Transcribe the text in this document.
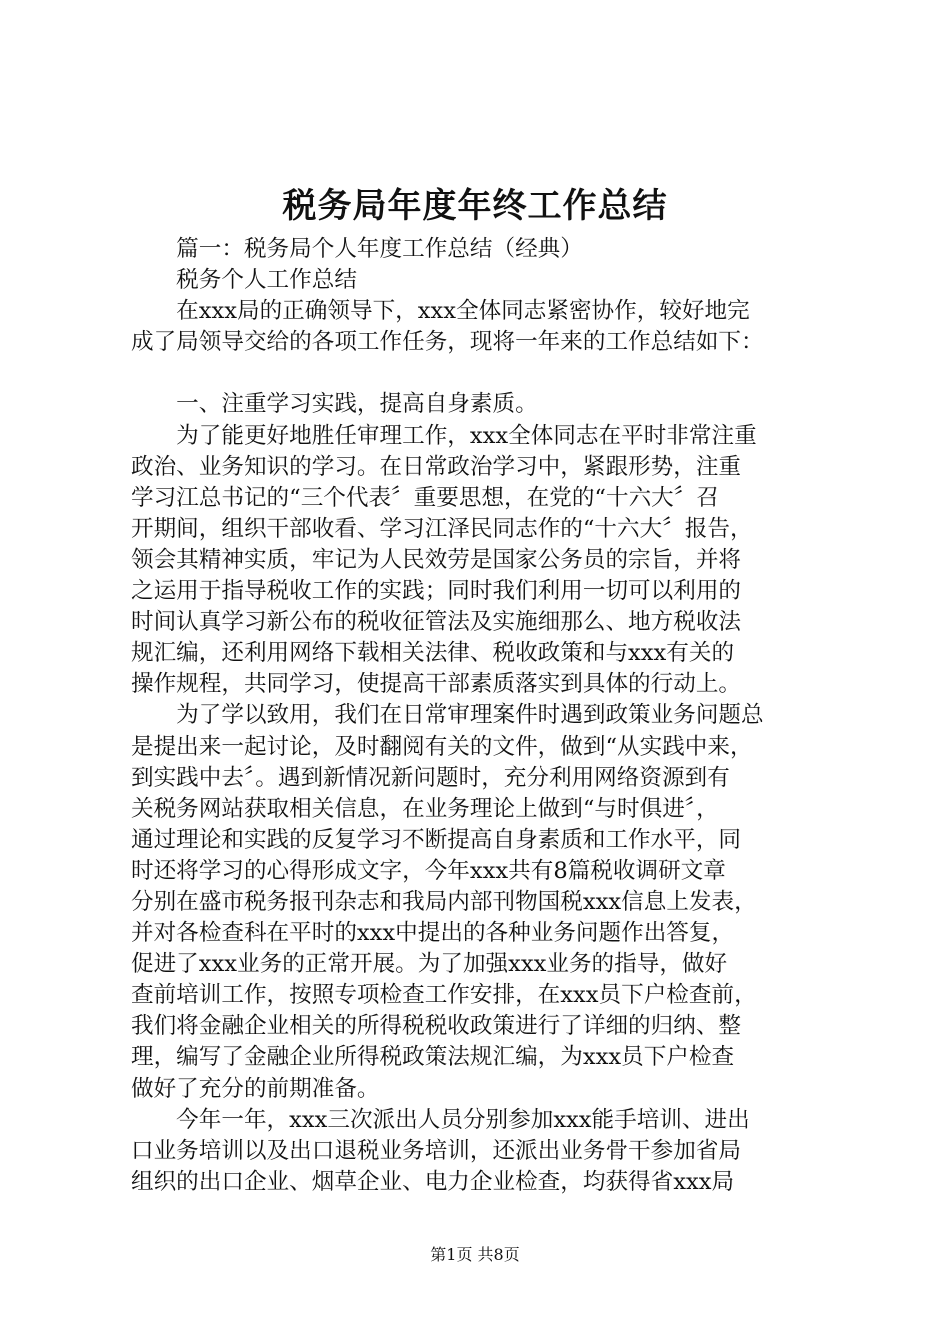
税务局年度年终工作总结
　　篇一：税务局个人年度工作总结（经典）
　　税务个人工作总结
　　在xxx局的正确领导下，xxx全体同志紧密协作，较好地完
成了局领导交给的各项工作任务，现将一年来的工作总结如下：
　　一、注重学习实践，提高自身素质。
　　为了能更好地胜任审理工作，xxx全体同志在平时非常注重
政治、业务知识的学习。在日常政治学习中，紧跟形势，注重
学习江总书记的“三个代表〞重要思想，在党的“十六大〞召
开期间，组织干部收看、学习江泽民同志作的“十六大〞报告，
领会其精神实质，牢记为人民效劳是国家公务员的宗旨，并将
之运用于指导税收工作的实践；同时我们利用一切可以利用的
时间认真学习新公布的税收征管法及实施细那么、地方税收法
规汇编，还利用网络下载相关法律、税收政策和与xxx有关的
操作规程，共同学习，使提高干部素质落实到具体的行动上。
　　为了学以致用，我们在日常审理案件时遇到政策业务问题总
是提出来一起讨论，及时翻阅有关的文件，做到“从实践中来，
到实践中去〞。遇到新情况新问题时，充分利用网络资源到有
关税务网站获取相关信息，在业务理论上做到“与时俱进〞，
通过理论和实践的反复学习不断提高自身素质和工作水平，同
时还将学习的心得形成文字，今年xxx共有8篇税收调研文章
分别在盛市税务报刊杂志和我局内部刊物国税xxx信息上发表，
并对各检查科在平时的xxx中提出的各种业务问题作出答复，
促进了xxx业务的正常开展。为了加强xxx业务的指导，做好
查前培训工作，按照专项检查工作安排，在xxx员下户检查前，
我们将金融企业相关的所得税税收政策进行了详细的归纳、整
理，编写了金融企业所得税政策法规汇编，为xxx员下户检查
做好了充分的前期准备。
　　今年一年，xxx三次派出人员分别参加xxx能手培训、进出
口业务培训以及出口退税业务培训，还派出业务骨干参加省局
组织的出口企业、烟草企业、电力企业检查，均获得省xxx局
第1页 共8页
